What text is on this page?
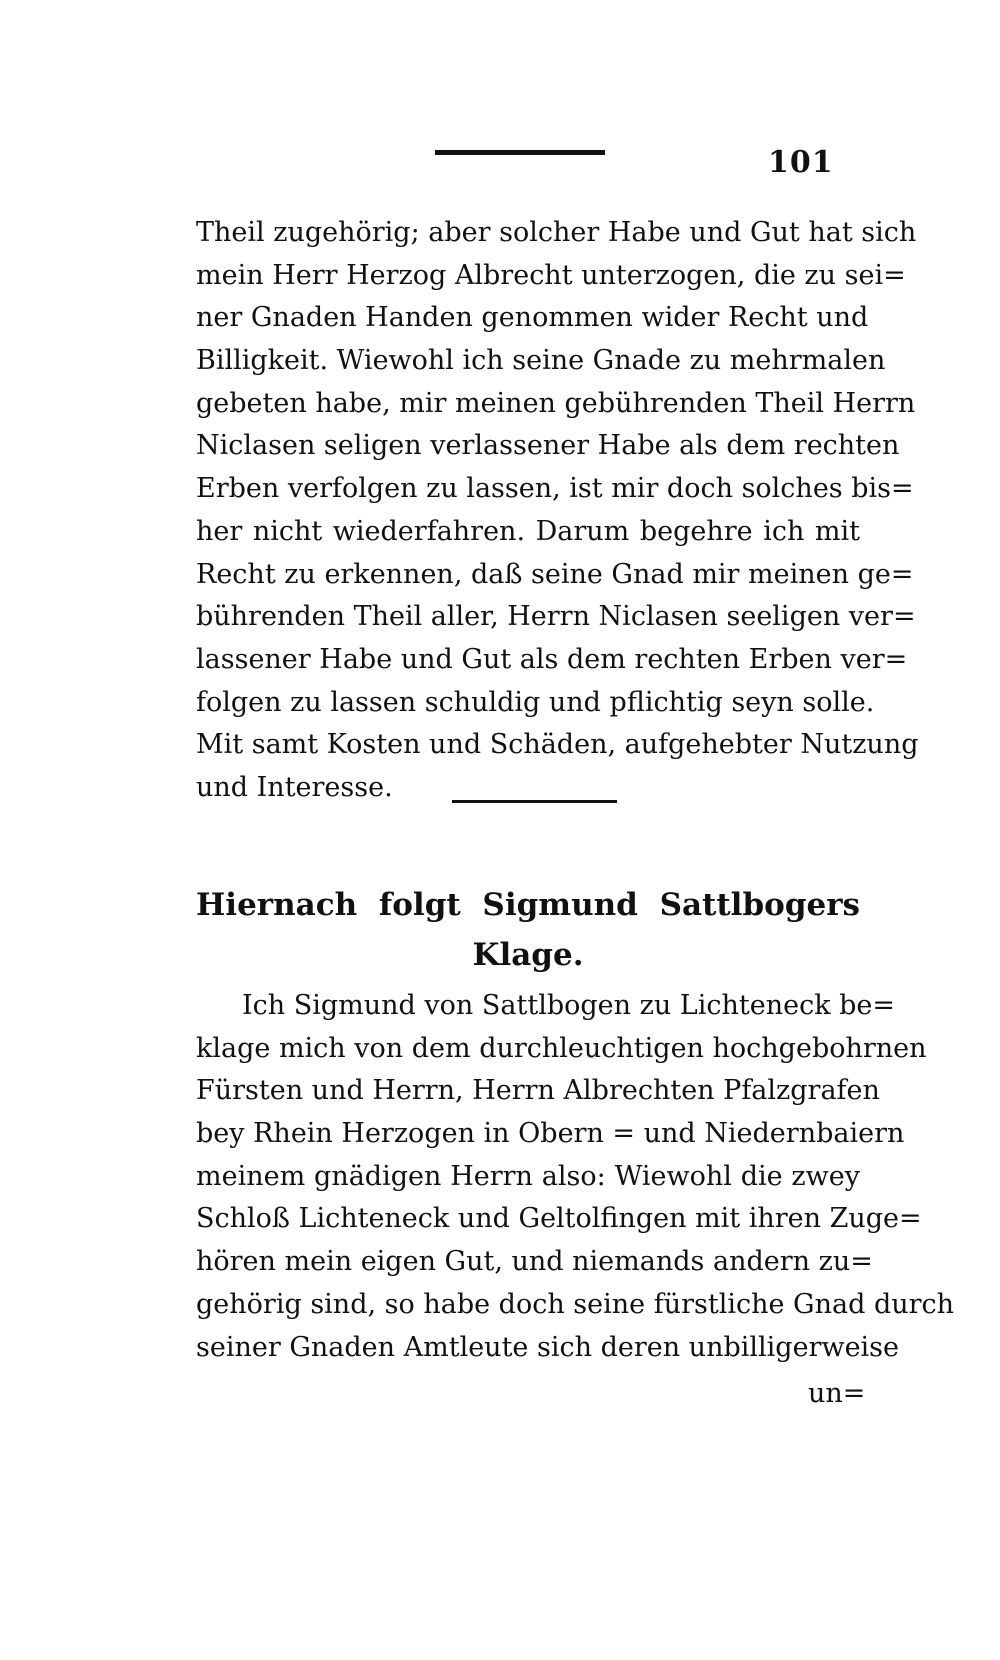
101
Theil zugehörig; aber solcher Habe und Gut hat sich
mein Herr Herzog Albrecht unterzogen, die zu sei=
ner Gnaden Handen genommen wider Recht und
Billigkeit. Wiewohl ich seine Gnade zu mehrmalen
gebeten habe, mir meinen gebührenden Theil Herrn
Niclasen seligen verlassener Habe als dem rechten
Erben verfolgen zu lassen, ist mir doch solches bis=
her nicht wiederfahren. Darum begehre ich mit
Recht zu erkennen, daß seine Gnad mir meinen ge=
bührenden Theil aller, Herrn Niclasen seeligen ver=
lassener Habe und Gut als dem rechten Erben ver=
folgen zu lassen schuldig und pflichtig seyn solle.
Mit samt Kosten und Schäden, aufgehebter Nutzung
und Interesse.
Hiernach folgt Sigmund Sattlbogers
Klage.
Ich Sigmund von Sattlbogen zu Lichteneck be=
klage mich von dem durchleuchtigen hochgebohrnen
Fürsten und Herrn, Herrn Albrechten Pfalzgrafen
bey Rhein Herzogen in Obern = und Niedernbaiern
meinem gnädigen Herrn also: Wiewohl die zwey
Schloß Lichteneck und Geltolfingen mit ihren Zuge=
hören mein eigen Gut, und niemands andern zu=
gehörig sind, so habe doch seine fürstliche Gnad durch
seiner Gnaden Amtleute sich deren unbilligerweise
un=
